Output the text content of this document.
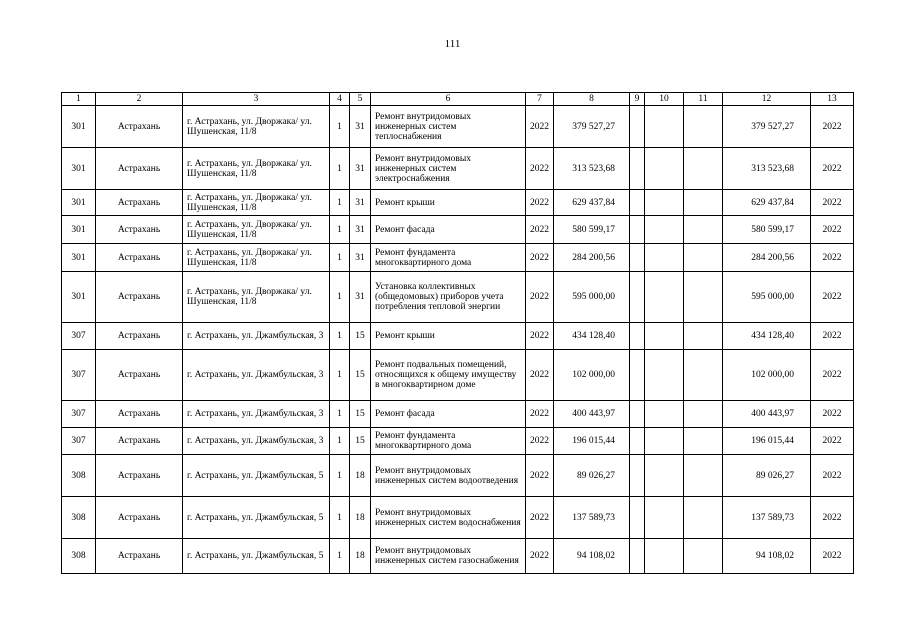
111
1	2	3	4	5	6	7	8	9	10	11	12	13
301	Астрахань	г. Астрахань, ул. Дворжака/ ул. Шушенская, 11/8	1	31	Ремонт внутридомовых инженерных систем теплоснабжения	2022	379 527,27				379 527,27	2022
301	Астрахань	г. Астрахань, ул. Дворжака/ ул. Шушенская, 11/8	1	31	Ремонт внутридомовых инженерных систем электроснабжения	2022	313 523,68				313 523,68	2022
301	Астрахань	г. Астрахань, ул. Дворжака/ ул. Шушенская, 11/8	1	31	Ремонт крыши	2022	629 437,84				629 437,84	2022
301	Астрахань	г. Астрахань, ул. Дворжака/ ул. Шушенская, 11/8	1	31	Ремонт фасада	2022	580 599,17				580 599,17	2022
301	Астрахань	г. Астрахань, ул. Дворжака/ ул. Шушенская, 11/8	1	31	Ремонт фундамента многоквартирного дома	2022	284 200,56				284 200,56	2022
301	Астрахань	г. Астрахань, ул. Дворжака/ ул. Шушенская, 11/8	1	31	Установка коллективных (общедомовых) приборов учета потребления тепловой энергии	2022	595 000,00				595 000,00	2022
307	Астрахань	г. Астрахань, ул. Джамбульская, 3	1	15	Ремонт крыши	2022	434 128,40				434 128,40	2022
307	Астрахань	г. Астрахань, ул. Джамбульская, 3	1	15	Ремонт подвальных помещений, относящихся к общему имуществу в многоквартирном доме	2022	102 000,00				102 000,00	2022
307	Астрахань	г. Астрахань, ул. Джамбульская, 3	1	15	Ремонт фасада	2022	400 443,97				400 443,97	2022
307	Астрахань	г. Астрахань, ул. Джамбульская, 3	1	15	Ремонт фундамента многоквартирного дома	2022	196 015,44				196 015,44	2022
308	Астрахань	г. Астрахань, ул. Джамбульская, 5	1	18	Ремонт внутридомовых инженерных систем водоотведения	2022	89 026,27				89 026,27	2022
308	Астрахань	г. Астрахань, ул. Джамбульская, 5	1	18	Ремонт внутридомовых инженерных систем водоснабжения	2022	137 589,73				137 589,73	2022
308	Астрахань	г. Астрахань, ул. Джамбульская, 5	1	18	Ремонт внутридомовых инженерных систем газоснабжения	2022	94 108,02				94 108,02	2022
